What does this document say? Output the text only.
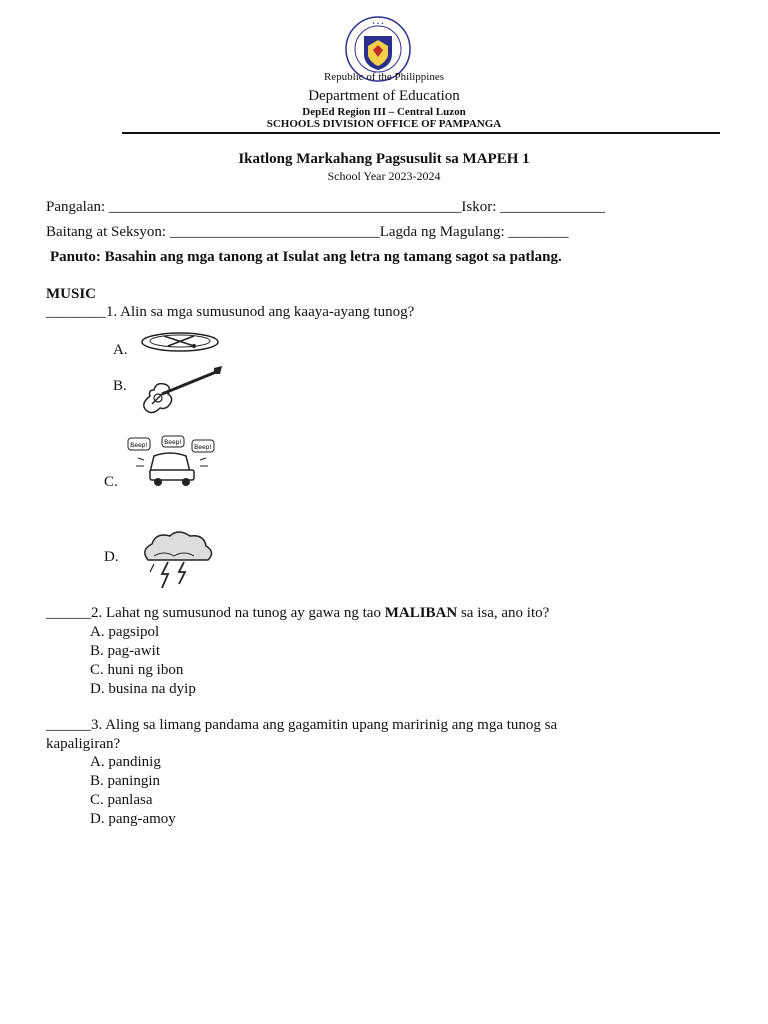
• • •
Republic of the Philippines
Department of Education
DepEd Region III – Central Luzon
SCHOOLS DIVISION OFFICE OF PAMPANGA
Ikatlong Markahang Pagsusulit sa MAPEH 1
School Year 2023-2024
Pangalan: _______________________________________________Iskor: ______________
Baitang at Seksyon: ____________________________Lagda ng Magulang: ________
Panuto: Basahin ang mga tanong at Isulat ang letra ng tamang sagot sa patlang.
MUSIC
________1. Alin sa mga sumusunod ang kaaya-ayang tunog?
A.
B.
C.
D.
Beep!	Beep!
Beep!
______2. Lahat ng sumusunod na tunog ay gawa ng tao MALIBAN sa isa, ano ito?
A. pagsipol
B. pag-awit
C. huni ng ibon
D. busina na dyip
______3. Aling sa limang pandama ang gagamitin upang maririnig ang mga tunog sa
kapaligiran?
A. pandinig
B. paningin
C. panlasa
D. pang-amoy
